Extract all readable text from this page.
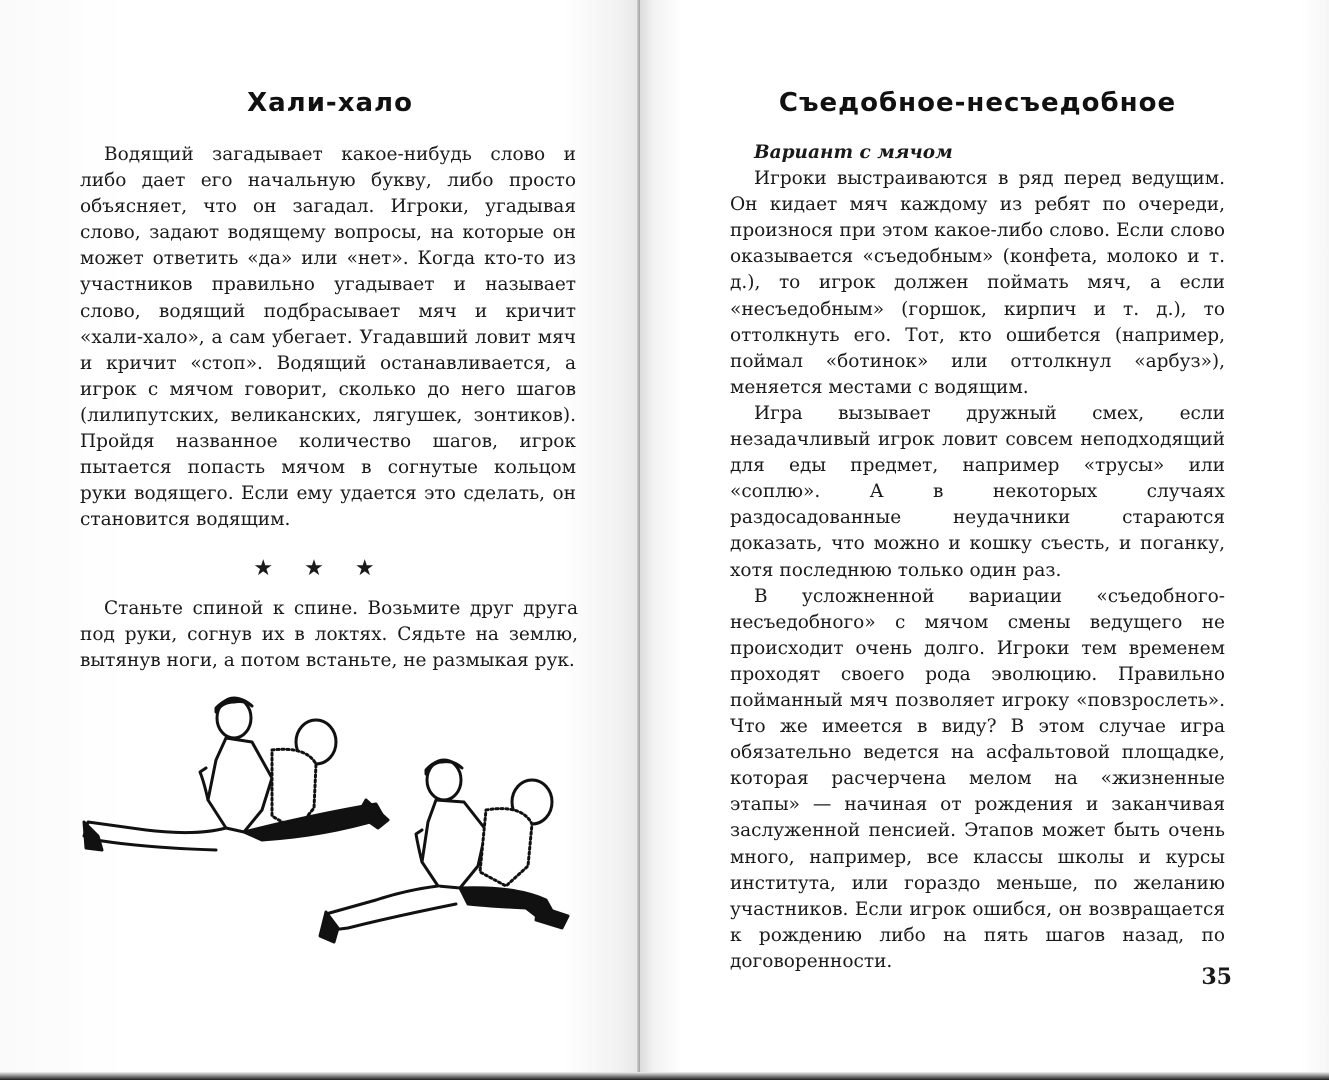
Хали-хало

Водящий загадывает какое-нибудь слово и либо дает его начальную букву, либо просто объясняет, что он загадал. Игроки, угадывая слово, задают водящему вопросы, на которые он может ответить «да» или «нет». Когда кто-то из участников правильно угадывает и называет слово, водящий подбрасывает мяч и кричит «хали-хало», а сам убегает. Угадавший ловит мяч и кричит «стоп». Водящий останавливается, а игрок с мячом говорит, сколько до него шагов (лилипутских, великанских, лягушек, зонтиков). Пройдя названное количество шагов, игрок пытается попасть мячом в согнутые кольцом руки водящего. Если ему удается это сделать, он становится водящим.

★ ★ ★

Станьте спиной к спине. Возьмите друг друга под руки, согнув их в локтях. Сядьте на землю, вытянув ноги, а потом встаньте, не размыкая рук.

Съедобное-несъедобное

Вариант с мячом

Игроки выстраиваются в ряд перед ведущим. Он кидает мяч каждому из ребят по очереди, произнося при этом какое-либо слово. Если слово оказывается «съедобным» (конфета, молоко и т. д.), то игрок должен поймать мяч, а если «несъедобным» (горшок, кирпич и т. д.), то оттолкнуть его. Тот, кто ошибется (например, поймал «ботинок» или оттолкнул «арбуз»), меняется местами с водящим.

Игра вызывает дружный смех, если незадачливый игрок ловит совсем неподходящий для еды предмет, например «трусы» или «соплю». А в некоторых случаях раздосадованные неудачники стараются доказать, что можно и кошку съесть, и поганку, хотя последнюю только один раз.

В усложненной вариации «съедобного-несъедобного» с мячом смены ведущего не происходит очень долго. Игроки тем временем проходят своего рода эволюцию. Правильно пойманный мяч позволяет игроку «повзрослеть». Что же имеется в виду? В этом случае игра обязательно ведется на асфальтовой площадке, которая расчерчена мелом на «жизненные этапы» — начиная от рождения и заканчивая заслуженной пенсией. Этапов может быть очень много, например, все классы школы и курсы института, или гораздо меньше, по желанию участников. Если игрок ошибся, он возвращается к рождению либо на пять шагов назад, по договоренности.

35
